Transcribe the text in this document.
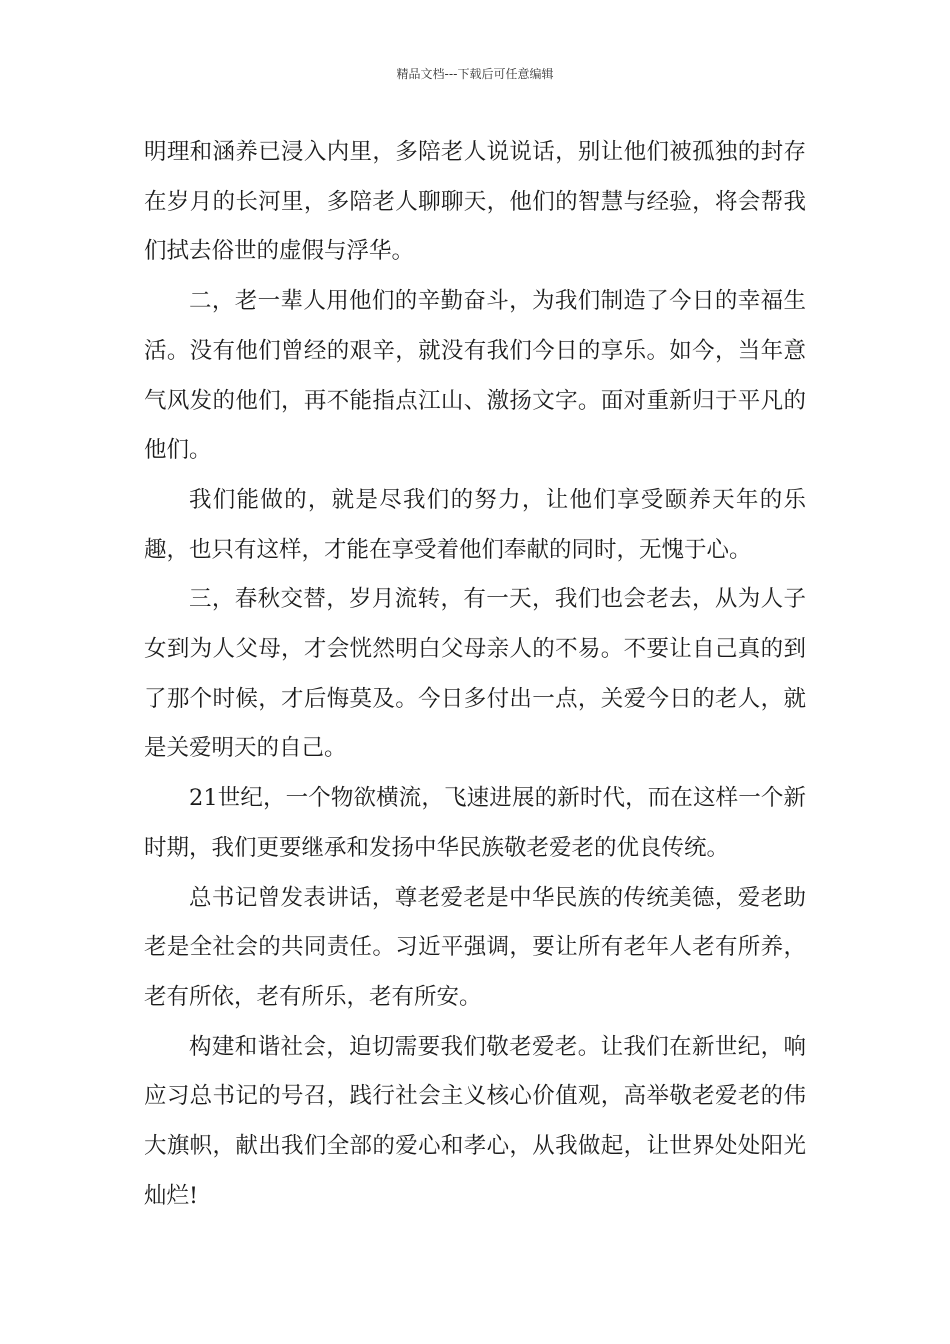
精品文档---下载后可任意编辑

明理和涵养已浸入内里，多陪老人说说话，别让他们被孤独的封存在岁月的长河里，多陪老人聊聊天，他们的智慧与经验，将会帮我们拭去俗世的虚假与浮华。

二，老一辈人用他们的辛勤奋斗，为我们制造了今日的幸福生活。没有他们曾经的艰辛，就没有我们今日的享乐。如今，当年意气风发的他们，再不能指点江山、激扬文字。面对重新归于平凡的他们。

我们能做的，就是尽我们的努力，让他们享受颐养天年的乐趣，也只有这样，才能在享受着他们奉献的同时，无愧于心。

三，春秋交替，岁月流转，有一天，我们也会老去，从为人子女到为人父母，才会恍然明白父母亲人的不易。不要让自己真的到了那个时候，才后悔莫及。今日多付出一点，关爱今日的老人，就是关爱明天的自己。

21世纪，一个物欲横流，飞速进展的新时代，而在这样一个新时期，我们更要继承和发扬中华民族敬老爱老的优良传统。

总书记曾发表讲话，尊老爱老是中华民族的传统美德，爱老助老是全社会的共同责任。习近平强调，要让所有老年人老有所养，老有所依，老有所乐，老有所安。

构建和谐社会，迫切需要我们敬老爱老。让我们在新世纪，响应习总书记的号召，践行社会主义核心价值观，高举敬老爱老的伟大旗帜，献出我们全部的爱心和孝心，从我做起，让世界处处阳光灿烂!
